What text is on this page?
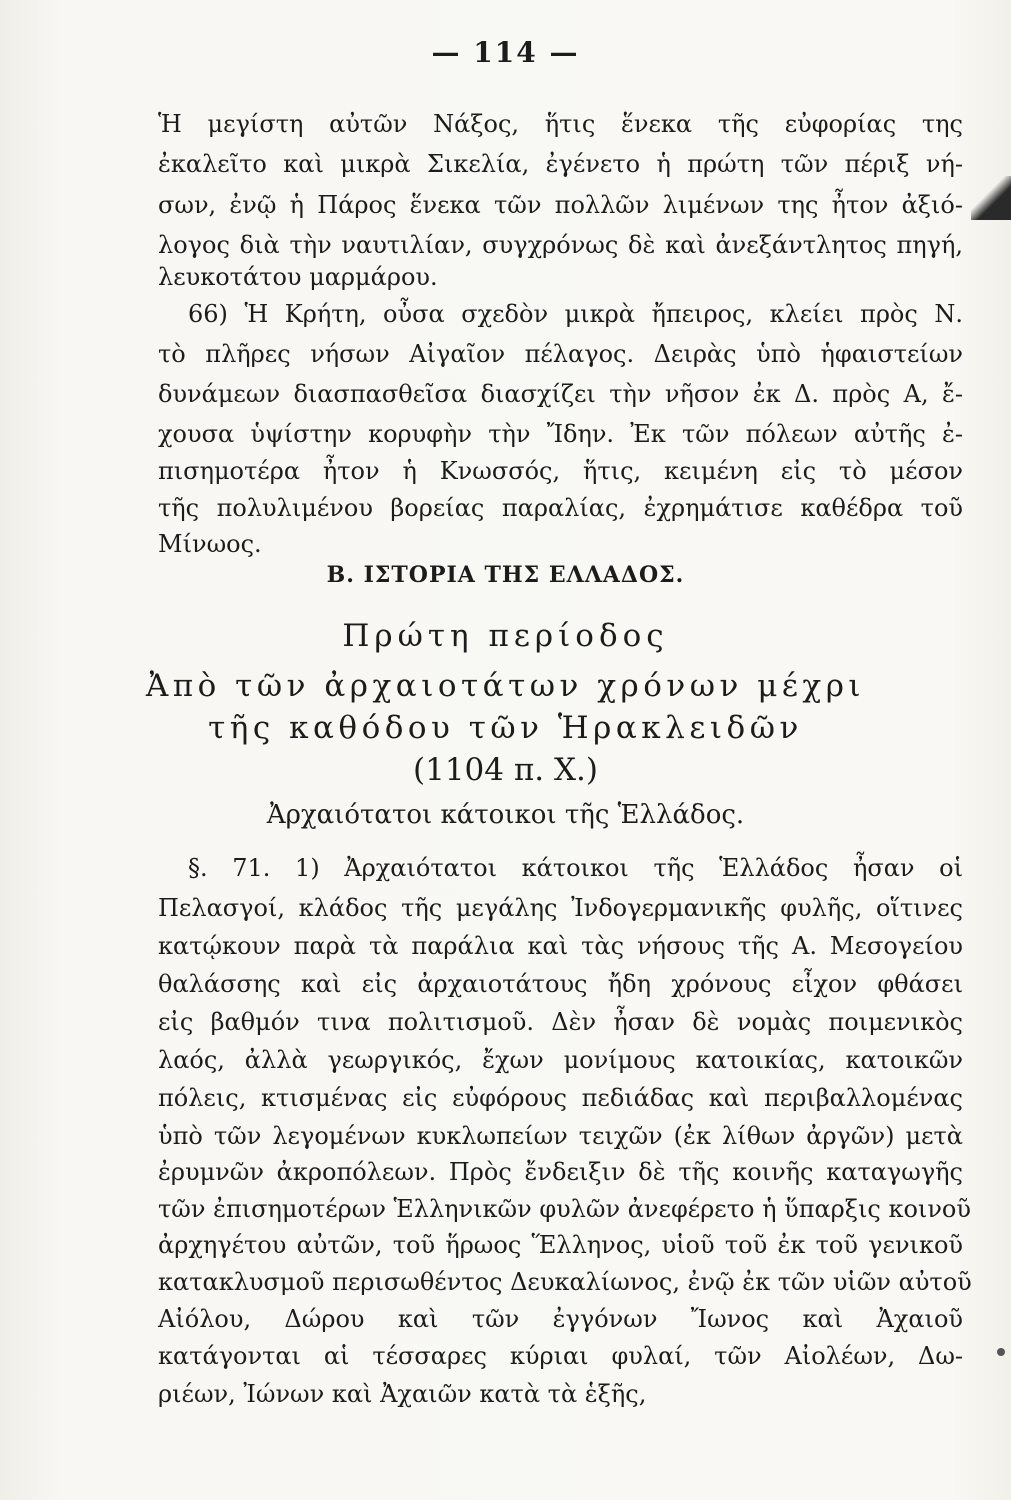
— 114 —
Ἡ μεγίστη αὐτῶν Νάξος, ἥτις ἕνεκα τῆς εὐφορίας της
ἐκαλεῖτο καὶ μικρὰ Σικελία, ἐγένετο ἡ πρώτη τῶν πέριξ νή-
σων, ἐνῷ ἡ Πάρος ἕνεκα τῶν πολλῶν λιμένων της ἦτον ἀξιό-
λογος διὰ τὴν ναυτιλίαν, συγχρόνως δὲ καὶ ἀνεξάντλητος πηγή,
λευκοτάτου μαρμάρου.
66) Ἡ Κρήτη, οὖσα σχεδὸν μικρὰ ἤπειρος, κλείει πρὸς Ν.
τὸ πλῆρες νήσων Αἰγαῖον πέλαγος. Δειρὰς ὑπὸ ἡφαιστείων
δυνάμεων διασπασθεῖσα διασχίζει τὴν νῆσον ἐκ Δ. πρὸς Α, ἔ-
χουσα ὑψίστην κορυφὴν τὴν Ἴδην. Ἐκ τῶν πόλεων αὐτῆς ἐ-
πισημοτέρα ἦτον ἡ Κνωσσός, ἥτις, κειμένη εἰς τὸ μέσον
τῆς πολυλιμένου βορείας παραλίας, ἐχρημάτισε καθέδρα τοῦ
Μίνωος.
Β. ΙΣΤΟΡΙΑ ΤΗΣ ΕΛΛΑΔΟΣ.
Πρώτη περίοδος
Ἀπὸ τῶν ἀρχαιοτάτων χρόνων μέχρι
τῆς καθόδου τῶν Ἡρακλειδῶν
(1104 π. Χ.)
Ἀρχαιότατοι κάτοικοι τῆς Ἑλλάδος.
§. 71. 1) Ἀρχαιότατοι κάτοικοι τῆς Ἑλλάδος ἦσαν οἱ
Πελασγοί, κλάδος τῆς μεγάλης Ἰνδογερμανικῆς φυλῆς, οἵτινες
κατῴκουν παρὰ τὰ παράλια καὶ τὰς νήσους τῆς Α. Μεσογείου
θαλάσσης καὶ εἰς ἀρχαιοτάτους ἤδη χρόνους εἶχον φθάσει
εἰς βαθμόν τινα πολιτισμοῦ. Δὲν ἦσαν δὲ νομὰς ποιμενικὸς
λαός, ἀλλὰ γεωργικός, ἔχων μονίμους κατοικίας, κατοικῶν
πόλεις, κτισμένας εἰς εὐφόρους πεδιάδας καὶ περιβαλλομένας
ὑπὸ τῶν λεγομένων κυκλωπείων τειχῶν (ἐκ λίθων ἀργῶν) μετὰ
ἐρυμνῶν ἀκροπόλεων. Πρὸς ἔνδειξιν δὲ τῆς κοινῆς καταγωγῆς
τῶν ἐπισημοτέρων Ἑλληνικῶν φυλῶν ἀνεφέρετο ἡ ὕπαρξις κοινοῦ
ἀρχηγέτου αὐτῶν, τοῦ ἥρωος Ἕλληνος, υἱοῦ τοῦ ἐκ τοῦ γενικοῦ
κατακλυσμοῦ περισωθέντος Δευκαλίωνος, ἐνῷ ἐκ τῶν υἱῶν αὐτοῦ
Αἰόλου, Δώρου καὶ τῶν ἐγγόνων Ἴωνος καὶ Ἀχαιοῦ
κατάγονται αἱ τέσσαρες κύριαι φυλαί, τῶν Αἰολέων, Δω-
ριέων, Ἰώνων καὶ Ἀχαιῶν κατὰ τὰ ἑξῆς,
